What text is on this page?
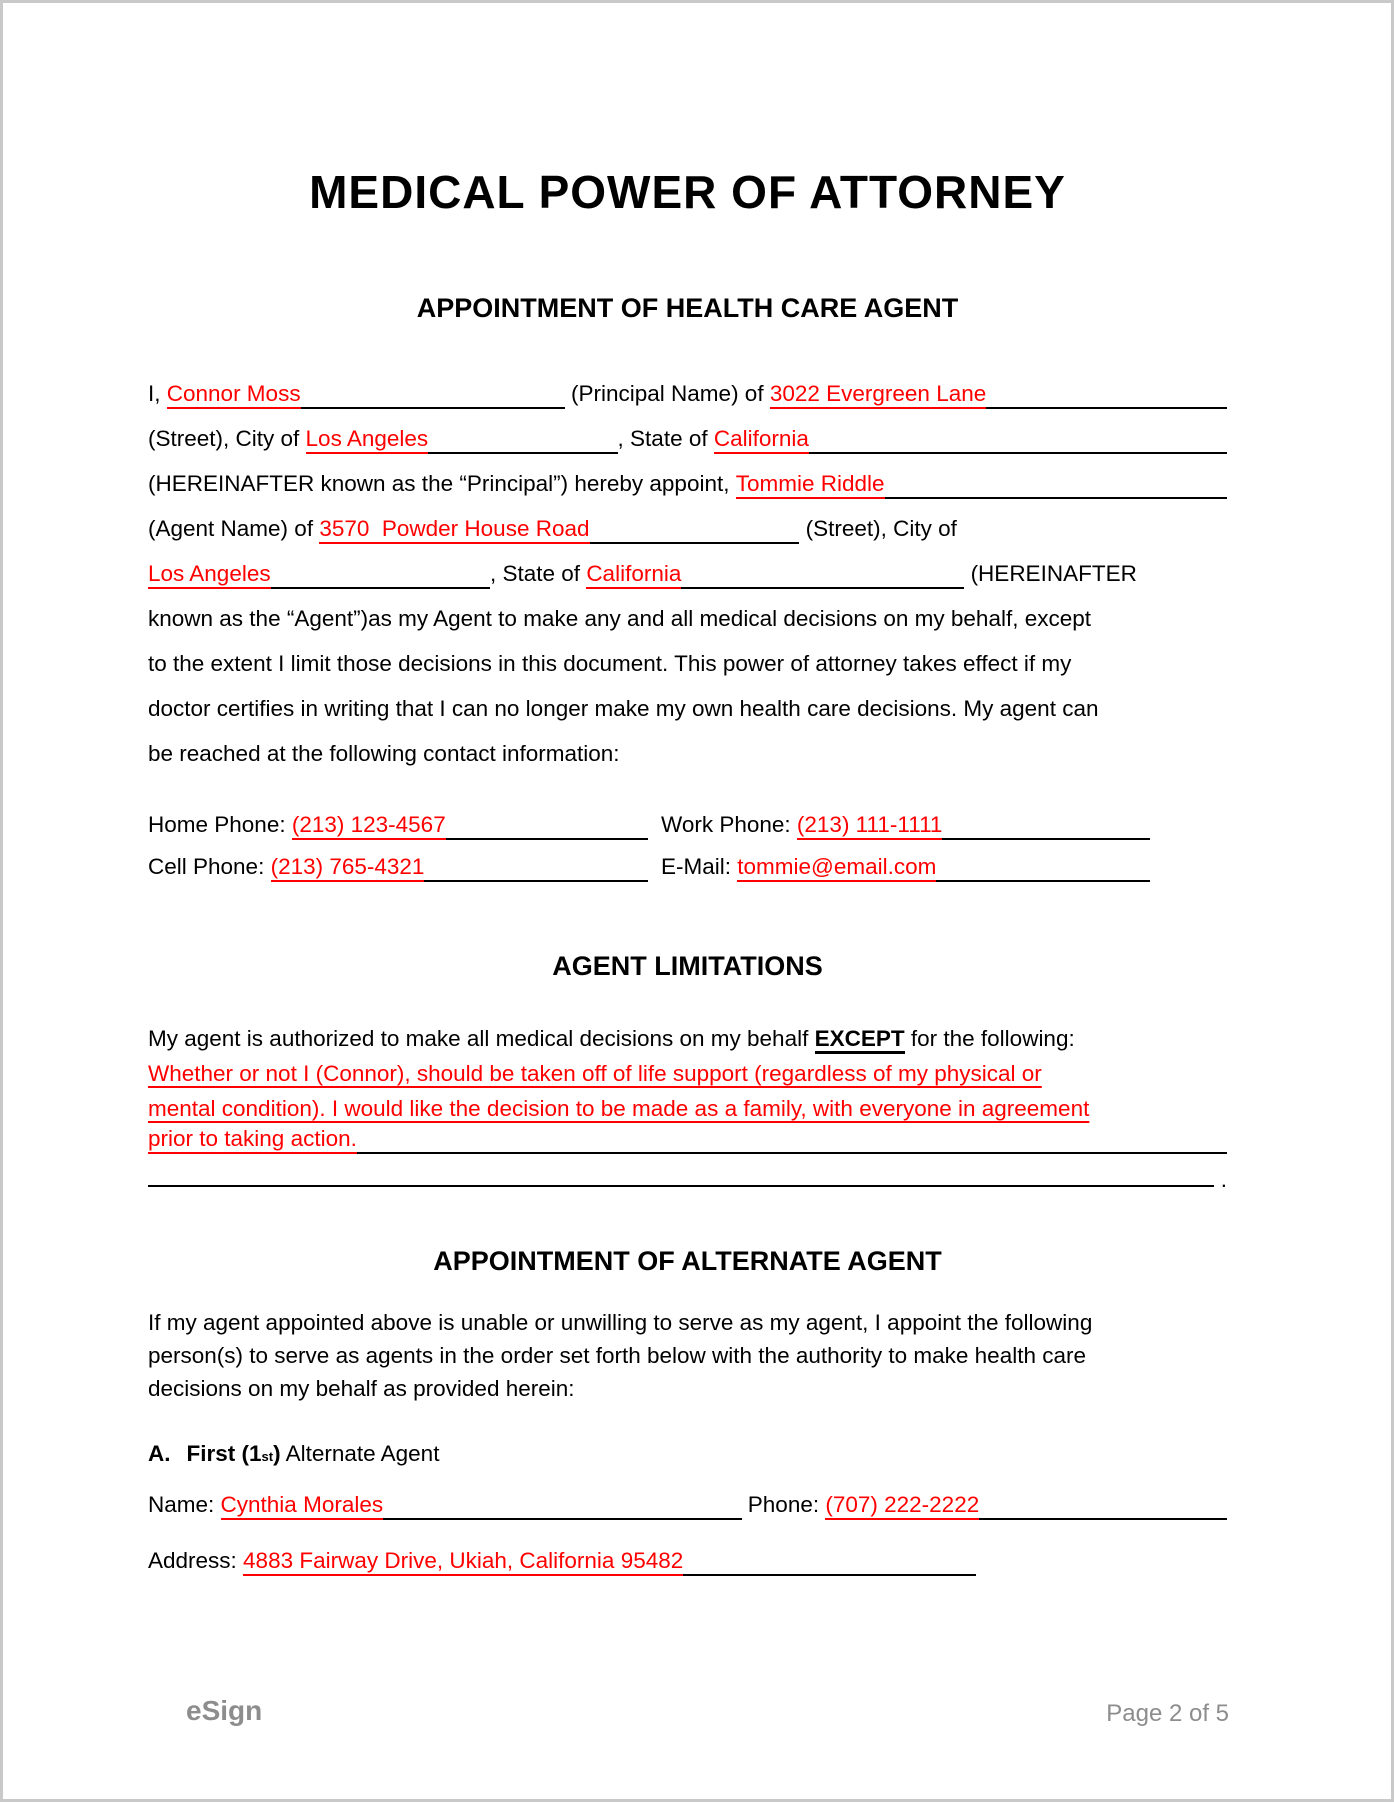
MEDICAL POWER OF ATTORNEY
APPOINTMENT OF HEALTH CARE AGENT
I, Connor Moss	(Principal Name) of 3022 Evergreen Lane
(Street), City of Los Angeles	, State of California
(HEREINAFTER known as the “Principal”) hereby appoint, Tommie Riddle
(Agent Name) of 3570  Powder House Road	(Street), City of
Los Angeles	, State of California	(HEREINAFTER
known as the “Agent”)as my Agent to make any and all medical decisions on my behalf, except
to the extent I limit those decisions in this document. This power of attorney takes effect if my
doctor certifies in writing that I can no longer make my own health care decisions. My agent can
be reached at the following contact information:
Home Phone: (213) 123-4567	Work Phone: (213) 111-1111
Cell Phone: (213) 765-4321	E-Mail: tommie@email.com
AGENT LIMITATIONS
My agent is authorized to make all medical decisions on my behalf EXCEPT for the following:
Whether or not I (Connor), should be taken off of life support (regardless of my physical or
mental condition). I would like the decision to be made as a family, with everyone in agreement
prior to taking action.
.
APPOINTMENT OF ALTERNATE AGENT
If my agent appointed above is unable or unwilling to serve as my agent, I appoint the following
person(s) to serve as agents in the order set forth below with the authority to make health care
decisions on my behalf as provided herein:
A. First (1 st ) Alternate Agent
Name: Cynthia Morales	Phone: (707) 222-2222
Address: 4883 Fairway Drive, Ukiah, California 95482
eSign	Page 2 of 5
